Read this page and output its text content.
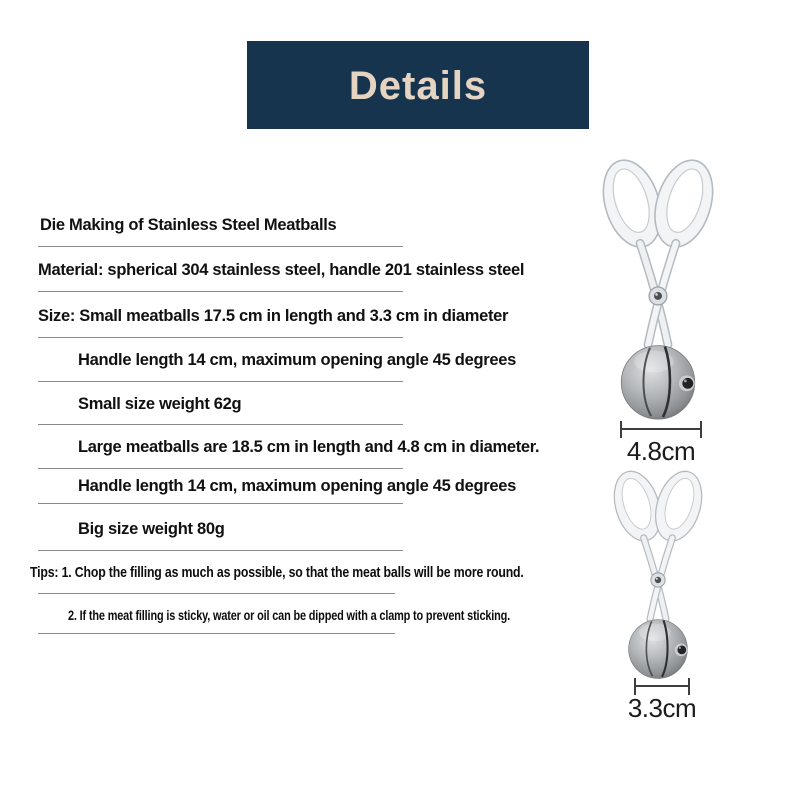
Details
Die Making of Stainless Steel Meatballs
Material: spherical 304 stainless steel, handle 201 stainless steel
Size: Small meatballs 17.5 cm in length and 3.3 cm in diameter
Handle length 14 cm, maximum opening angle 45 degrees
Small size weight 62g
Large meatballs are 18.5 cm in length and 4.8 cm in diameter.
Handle length 14 cm, maximum opening angle 45 degrees
Big size weight 80g
Tips: 1. Chop the filling as much as possible, so that the meat balls will be more round.
2. If the meat filling is sticky, water or oil can be dipped with a clamp to prevent sticking.
4.8cm
3.3cm
